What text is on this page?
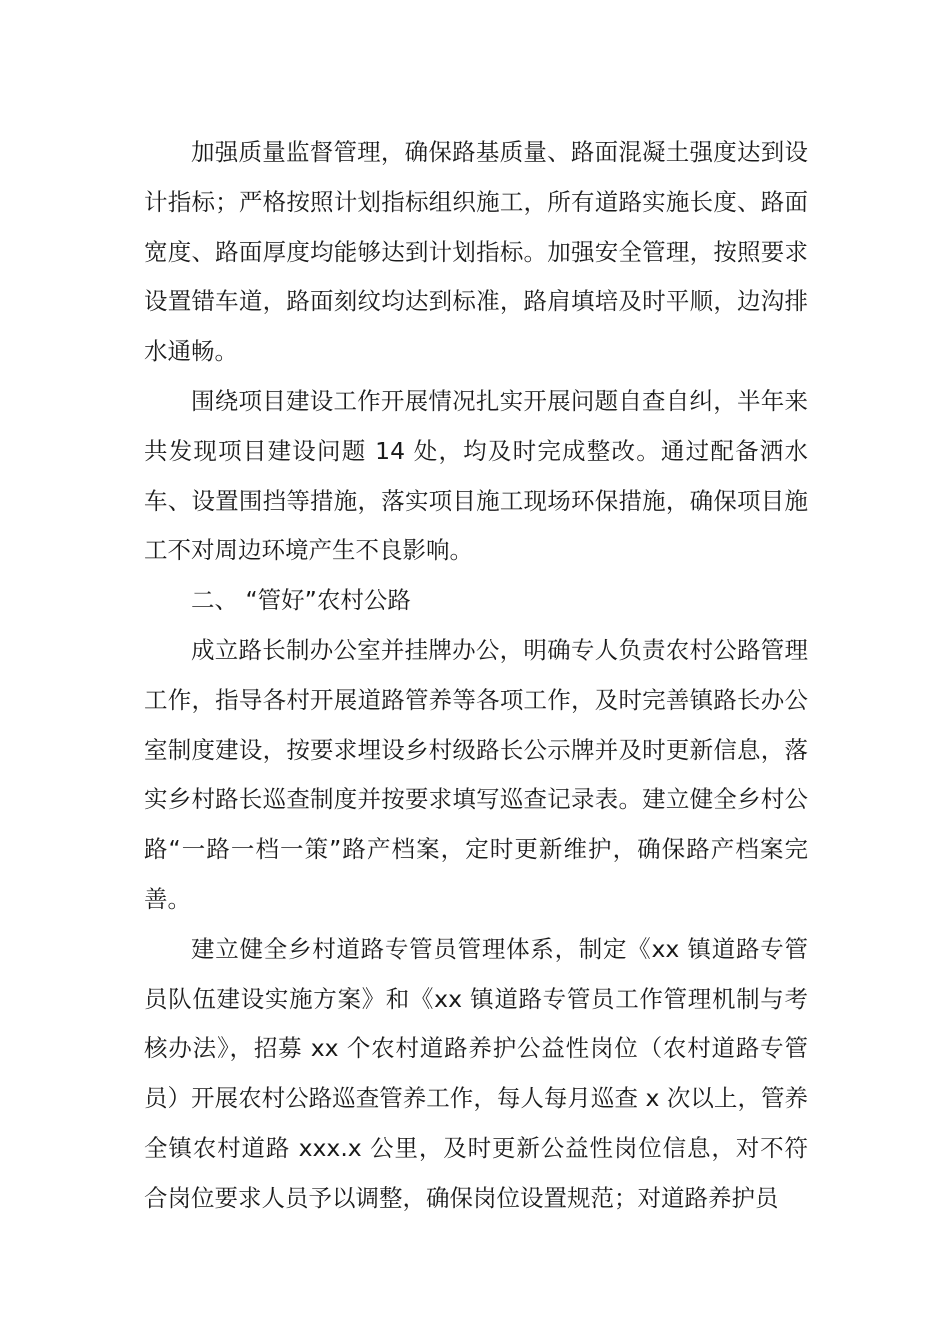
加强质量监督管理，确保路基质量、路面混凝土强度达到设计指标；严格按照计划指标组织施工，所有道路实施长度、路面宽度、路面厚度均能够达到计划指标。加强安全管理，按照要求设置错车道，路面刻纹均达到标准，路肩填培及时平顺，边沟排水通畅。

围绕项目建设工作开展情况扎实开展问题自查自纠，半年来共发现项目建设问题 14 处，均及时完成整改。通过配备洒水车、设置围挡等措施，落实项目施工现场环保措施，确保项目施工不对周边环境产生不良影响。

二、 “管好”农村公路

成立路长制办公室并挂牌办公，明确专人负责农村公路管理工作，指导各村开展道路管养等各项工作，及时完善镇路长办公室制度建设，按要求埋设乡村级路长公示牌并及时更新信息，落实乡村路长巡查制度并按要求填写巡查记录表。建立健全乡村公路“一路一档一策”路产档案，定时更新维护，确保路产档案完善。

建立健全乡村道路专管员管理体系，制定《xx 镇道路专管员队伍建设实施方案》和《xx 镇道路专管员工作管理机制与考核办法》，招募 xx 个农村道路养护公益性岗位（农村道路专管员）开展农村公路巡查管养工作，每人每月巡查 x 次以上，管养全镇农村道路 xxx.x 公里，及时更新公益性岗位信息，对不符合岗位要求人员予以调整，确保岗位设置规范；对道路养护员
